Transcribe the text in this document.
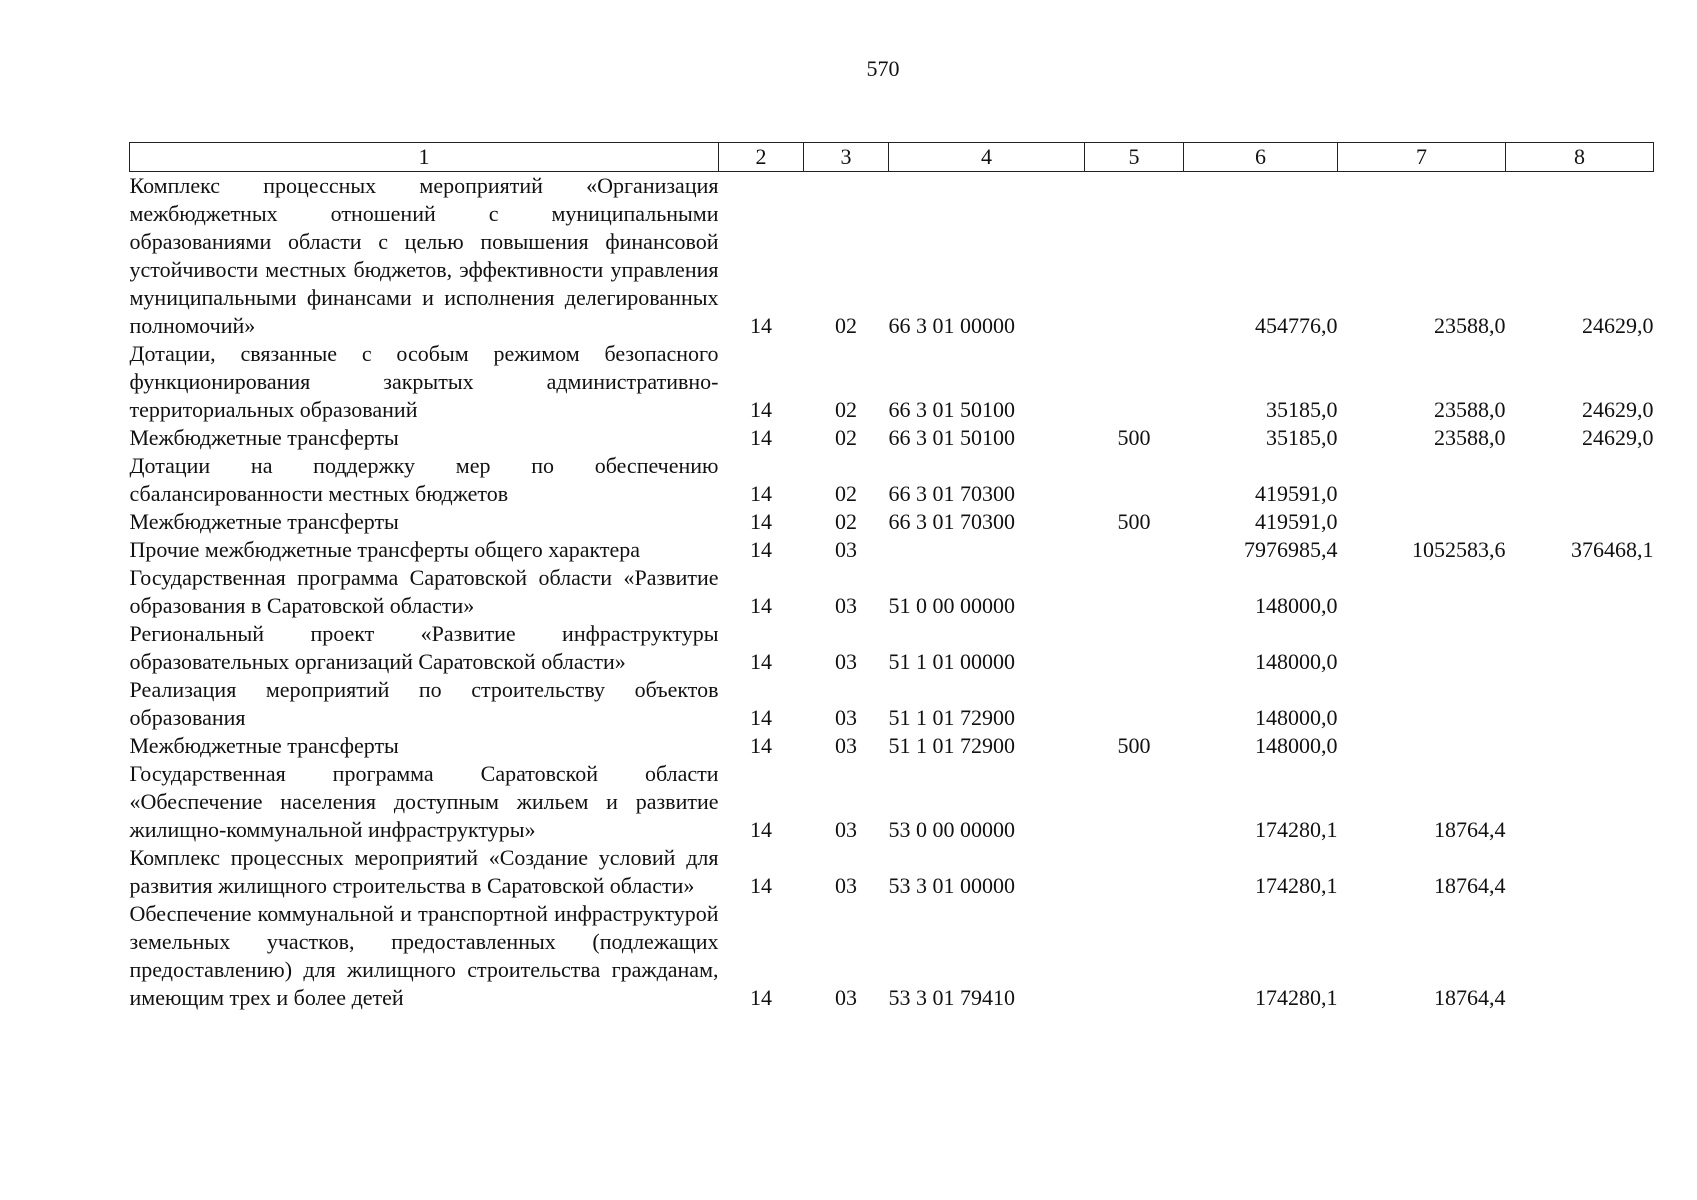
570
1	2	3	4	5	6	7	8
Комплекс процессных мероприятий «Организация межбюджетных отношений с муниципальными образованиями области с целью повышения финансовой устойчивости местных бюджетов, эффективности управления муниципальными финансами и исполнения делегированных полномочий»	14	02	66 3 01 00000		454776,0	23588,0	24629,0
Дотации, связанные с особым режимом безопасного функционирования закрытых административно-территориальных образований	14	02	66 3 01 50100		35185,0	23588,0	24629,0
Межбюджетные трансферты	14	02	66 3 01 50100	500	35185,0	23588,0	24629,0
Дотации на поддержку мер по обеспечению сбалансированности местных бюджетов	14	02	66 3 01 70300		419591,0		
Межбюджетные трансферты	14	02	66 3 01 70300	500	419591,0		
Прочие межбюджетные трансферты общего характера	14	03			7976985,4	1052583,6	376468,1
Государственная программа Саратовской области «Развитие образования в Саратовской области»	14	03	51 0 00 00000		148000,0		
Региональный проект «Развитие инфраструктуры образовательных организаций Саратовской области»	14	03	51 1 01 00000		148000,0		
Реализация мероприятий по строительству объектов образования	14	03	51 1 01 72900		148000,0		
Межбюджетные трансферты	14	03	51 1 01 72900	500	148000,0		
Государственная программа Саратовской области «Обеспечение населения доступным жильем и развитие жилищно-коммунальной инфраструктуры»	14	03	53 0 00 00000		174280,1	18764,4	
Комплекс процессных мероприятий «Создание условий для развития жилищного строительства в Саратовской области»	14	03	53 3 01 00000		174280,1	18764,4	
Обеспечение коммунальной и транспортной инфраструктурой земельных участков, предоставленных (подлежащих предоставлению) для жилищного строительства гражданам, имеющим трех и более детей	14	03	53 3 01 79410		174280,1	18764,4	
